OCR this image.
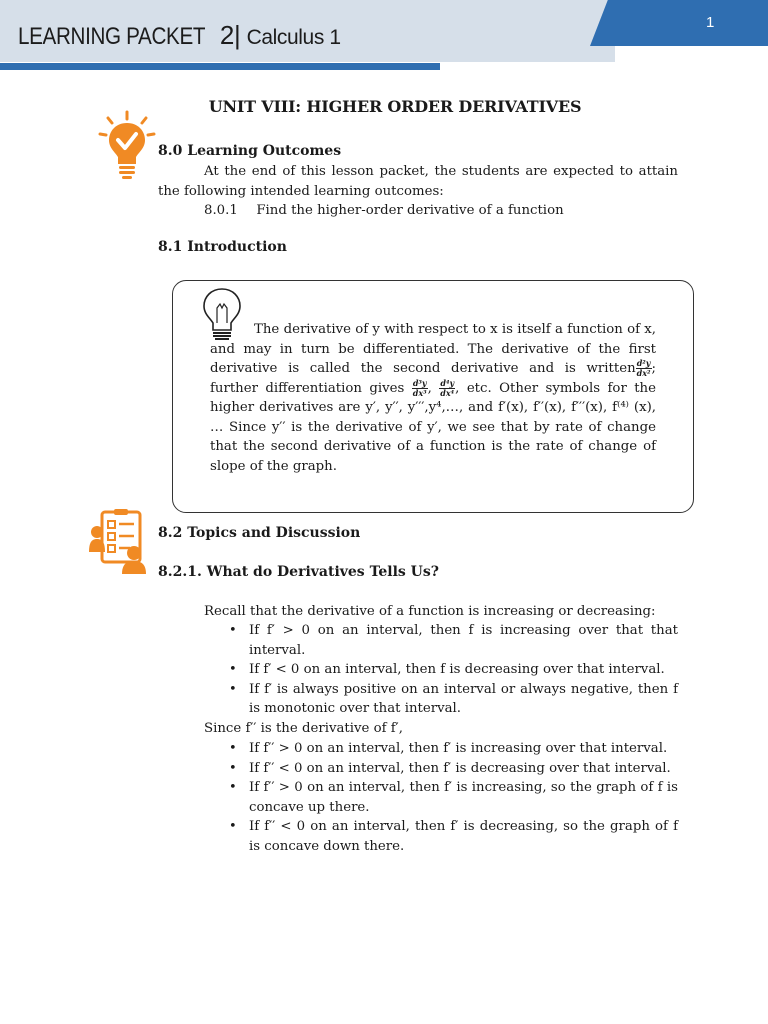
LEARNING PACKET 2| Calculus 1
1
UNIT VIII: HIGHER ORDER DERIVATIVES
8.0 Learning Outcomes
At the end of this lesson packet, the students are expected to attain the following intended learning outcomes:
8.0.1 Find the higher-order derivative of a function
8.1 Introduction
The derivative of y with respect to x is itself a function of x, and may in turn be differentiated. The derivative of the first derivative is called the second derivative and is written $\frac{\text{d²y}}{\text{dx²}}$ ; further differentiation gives $\frac{\text{d³y}}{\text{dx³}}$ , $\frac{\text{d⁴y}}{\text{dx⁴}}$ , etc. Other symbols for the higher derivatives are y′, y′′, y′′′,y⁴,…, and f′(x), f′′(x), f′′′(x), f⁽⁴⁾ (x), … Since y′′ is the derivative of y′, we see that by rate of change that the second derivative of a function is the rate of change of slope of the graph.
8.2 Topics and Discussion
8.2.1. What do Derivatives Tells Us?
Recall that the derivative of a function is increasing or decreasing:
• If f′ > 0 on an interval, then f is increasing over that that interval.
• If f′ < 0 on an interval, then f is decreasing over that interval.
• If f′ is always positive on an interval or always negative, then f is monotonic over that interval.
Since f′′ is the derivative of f′,
• If f′′ > 0 on an interval, then f′ is increasing over that interval.
• If f′′ < 0 on an interval, then f′ is decreasing over that interval.
• If f′′ > 0 on an interval, then f′ is increasing, so the graph of f is concave up there.
• If f′′ < 0 on an interval, then f′ is decreasing, so the graph of f is concave down there.
